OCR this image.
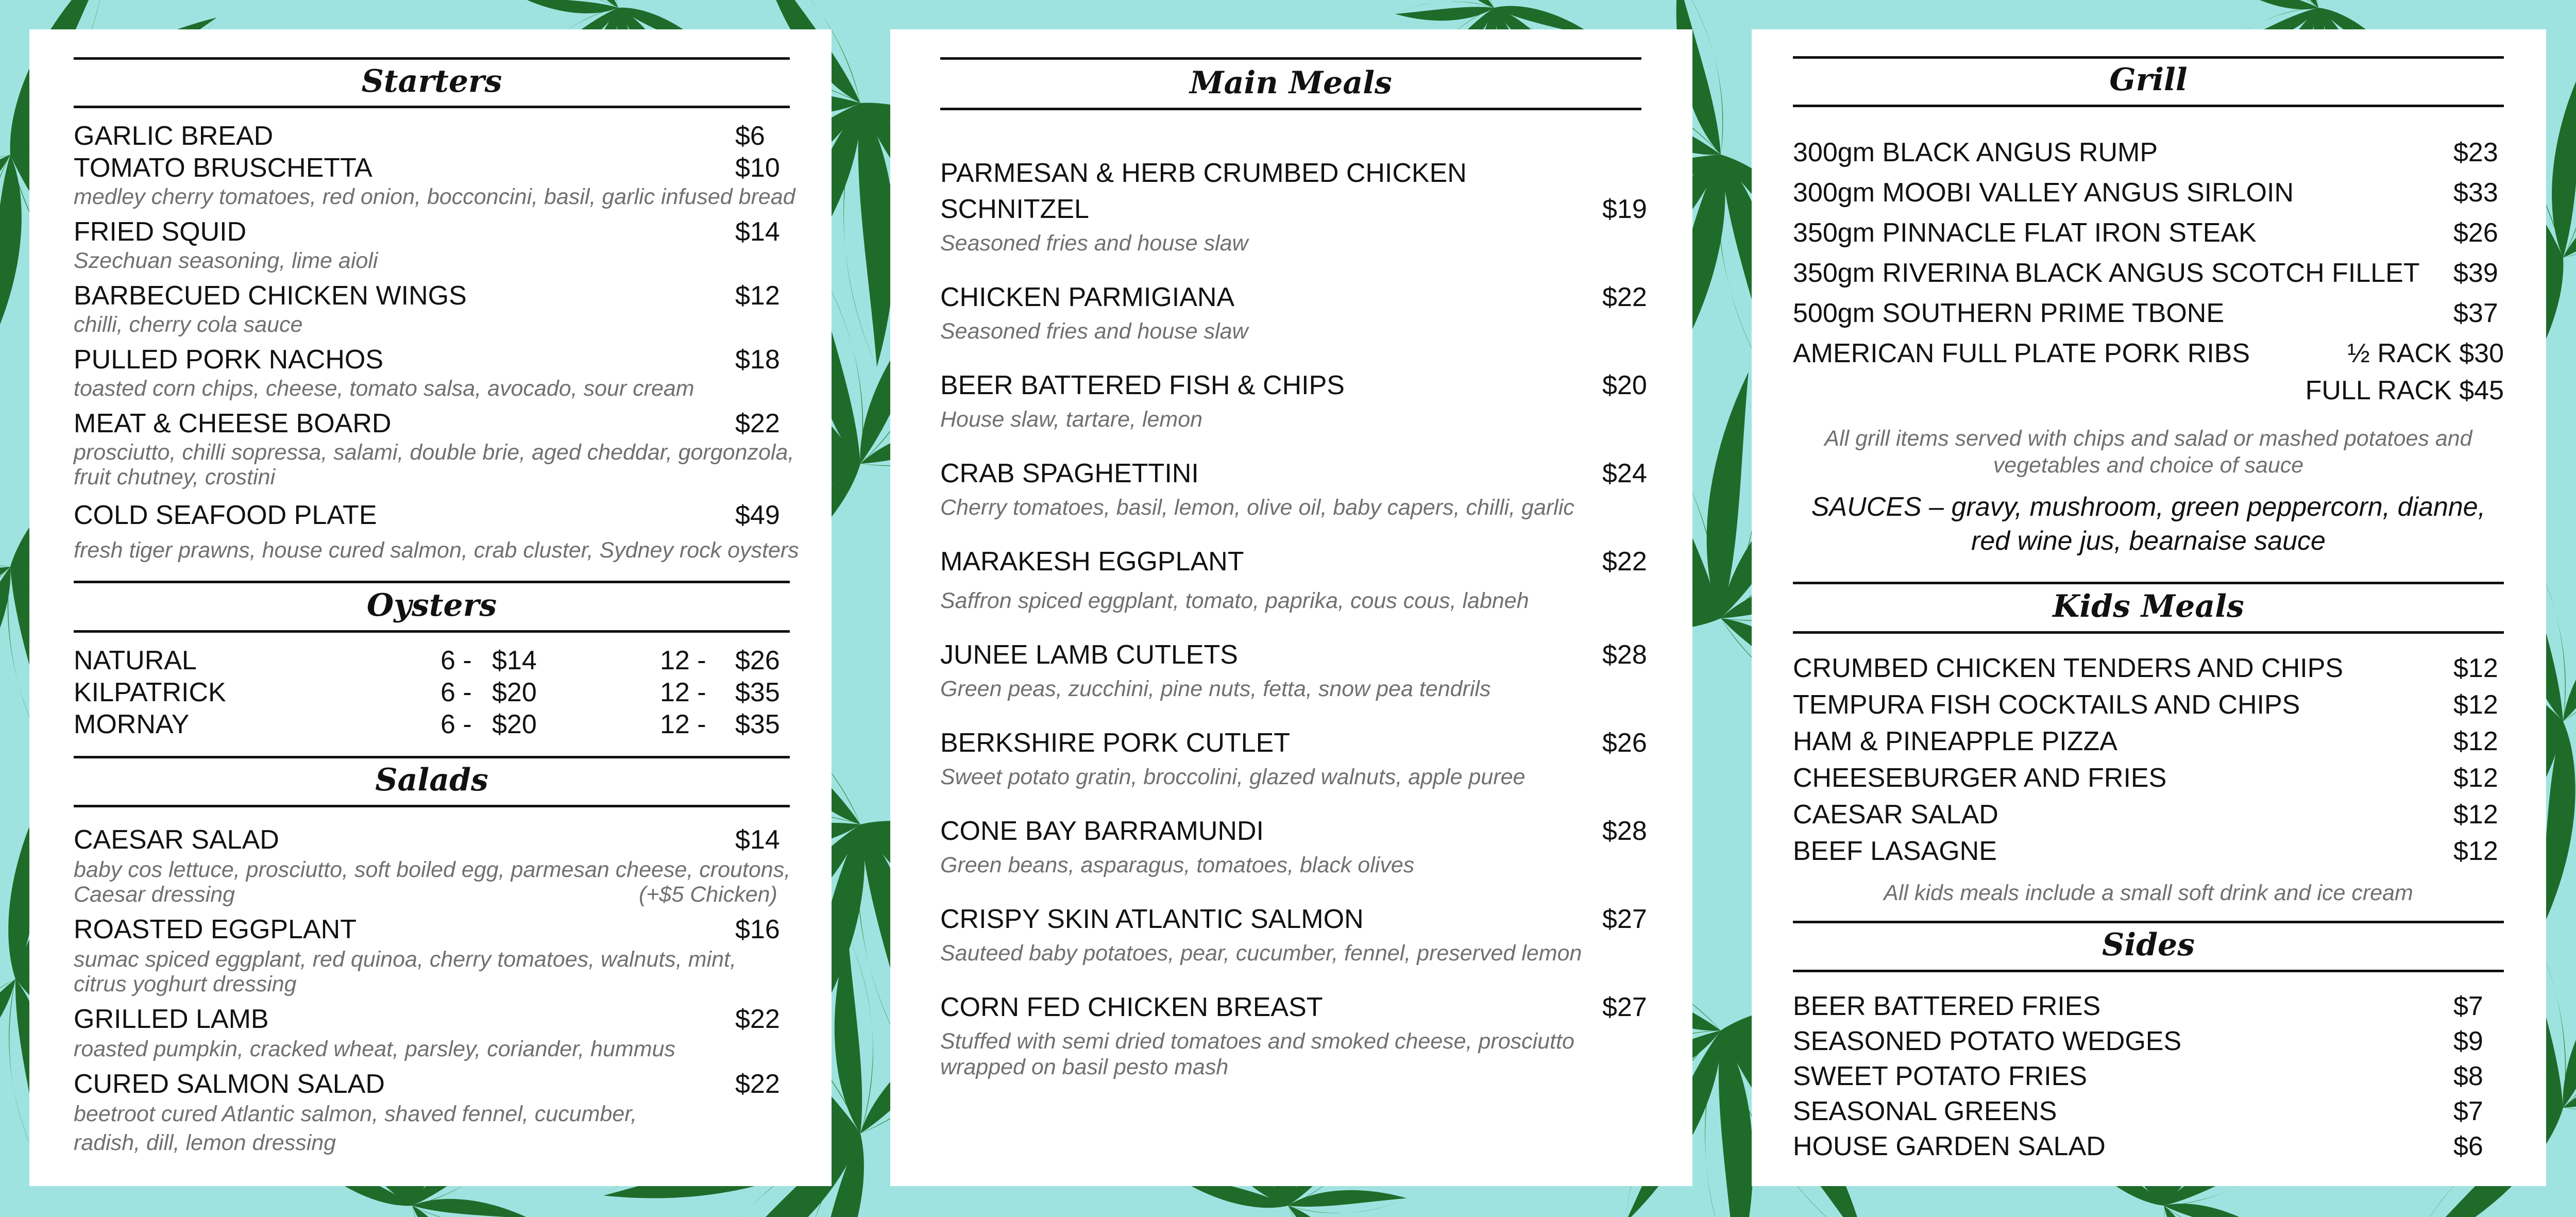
Starters
GARLIC BREAD	$6
TOMATO BRUSCHETTA	$10
medley cherry tomatoes, red onion, bocconcini, basil, garlic infused bread
FRIED SQUID	$14
Szechuan seasoning, lime aioli
BARBECUED CHICKEN WINGS	$12
chilli, cherry cola sauce
PULLED PORK NACHOS	$18
toasted corn chips, cheese, tomato salsa, avocado, sour cream
MEAT & CHEESE BOARD	$22
prosciutto, chilli sopressa, salami, double brie, aged cheddar, gorgonzola,
fruit chutney, crostini
COLD SEAFOOD PLATE	$49
fresh tiger prawns, house cured salmon, crab cluster, Sydney rock oysters
Oysters
NATURAL	6 - $14	12 - $26
KILPATRICK	6 - $20	12 - $35
MORNAY	6 - $20	12 - $35
Salads
CAESAR SALAD	$14
baby cos lettuce, prosciutto, soft boiled egg, parmesan cheese, croutons,
Caesar dressing	(+$5 Chicken)
ROASTED EGGPLANT	$16
sumac spiced eggplant, red quinoa, cherry tomatoes, walnuts, mint,
citrus yoghurt dressing
GRILLED LAMB	$22
roasted pumpkin, cracked wheat, parsley, coriander, hummus
CURED SALMON SALAD	$22
beetroot cured Atlantic salmon, shaved fennel, cucumber,
radish, dill, lemon dressing
Main Meals
PARMESAN & HERB CRUMBED CHICKEN
SCHNITZEL	$19
Seasoned fries and house slaw
CHICKEN PARMIGIANA	$22
Seasoned fries and house slaw
BEER BATTERED FISH & CHIPS	$20
House slaw, tartare, lemon
CRAB SPAGHETTINI	$24
Cherry tomatoes, basil, lemon, olive oil, baby capers, chilli, garlic
MARAKESH EGGPLANT	$22
Saffron spiced eggplant, tomato, paprika, cous cous, labneh
JUNEE LAMB CUTLETS	$28
Green peas, zucchini, pine nuts, fetta, snow pea tendrils
BERKSHIRE PORK CUTLET	$26
Sweet potato gratin, broccolini, glazed walnuts, apple puree
CONE BAY BARRAMUNDI	$28
Green beans, asparagus, tomatoes, black olives
CRISPY SKIN ATLANTIC SALMON	$27
Sauteed baby potatoes, pear, cucumber, fennel, preserved lemon
CORN FED CHICKEN BREAST	$27
Stuffed with semi dried tomatoes and smoked cheese, prosciutto
wrapped on basil pesto mash
Grill
300gm BLACK ANGUS RUMP	$23
300gm MOOBI VALLEY ANGUS SIRLOIN	$33
350gm PINNACLE FLAT IRON STEAK	$26
350gm RIVERINA BLACK ANGUS SCOTCH FILLET $39
500gm SOUTHERN PRIME TBONE	$37
AMERICAN FULL PLATE PORK RIBS	½ RACK $30
FULL RACK $45
All grill items served with chips and salad or mashed potatoes and
vegetables and choice of sauce
SAUCES – gravy, mushroom, green peppercorn, dianne,
red wine jus, bearnaise sauce
Kids Meals
CRUMBED CHICKEN TENDERS AND CHIPS	$12
TEMPURA FISH COCKTAILS AND CHIPS	$12
HAM & PINEAPPLE PIZZA	$12
CHEESEBURGER AND FRIES	$12
CAESAR SALAD	$12
BEEF LASAGNE	$12
All kids meals include a small soft drink and ice cream
Sides
BEER BATTERED FRIES	$7
SEASONED POTATO WEDGES	$9
SWEET POTATO FRIES	$8
SEASONAL GREENS	$7
HOUSE GARDEN SALAD	$6
